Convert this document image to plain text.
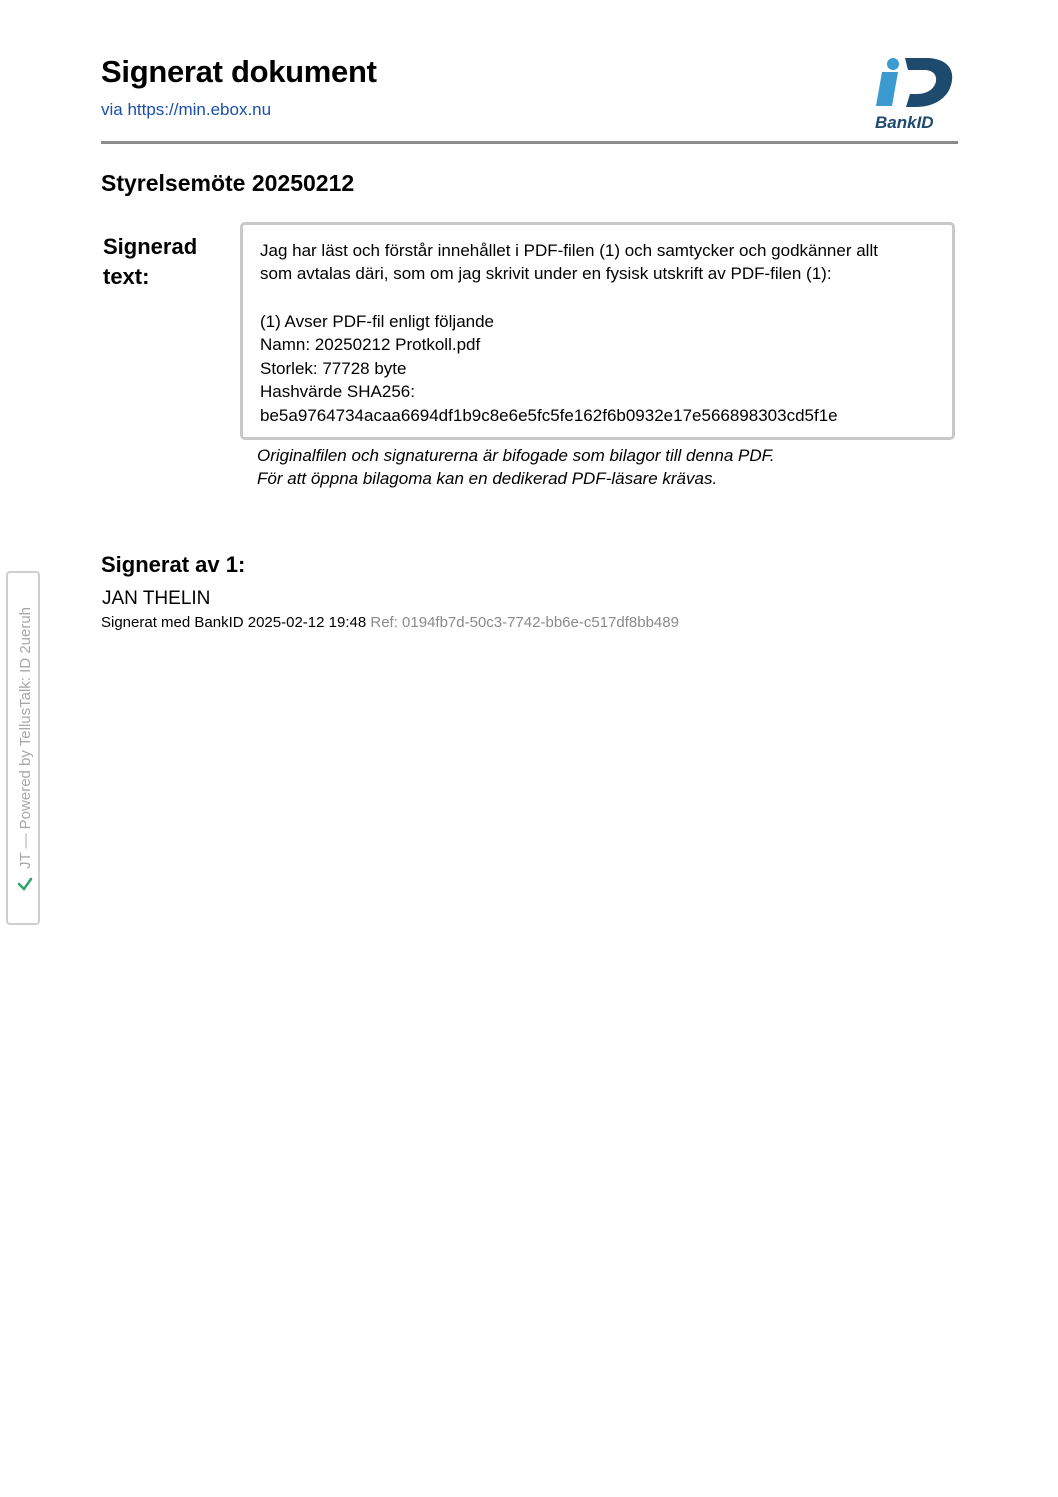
Signerat dokument
via https://min.ebox.nu
BankID
Styrelsemöte 20250212
Signerad text:
Jag har läst och förstår innehållet i PDF-filen (1) och samtycker och godkänner allt
som avtalas däri, som om jag skrivit under en fysisk utskrift av PDF-filen (1):
(1) Avser PDF-fil enligt följande
Namn: 20250212 Protkoll.pdf
Storlek: 77728 byte
Hashvärde SHA256:
be5a9764734acaa6694df1b9c8e6e5fc5fe162f6b0932e17e566898303cd5f1e
Originalfilen och signaturerna är bifogade som bilagor till denna PDF.
För att öppna bilagoma kan en dedikerad PDF-läsare krävas.
Signerat av 1:
JAN THELIN
Signerat med BankID 2025-02-12 19:48 Ref: 0194fb7d-50c3-7742-bb6e-c517df8bb489
JT — Powered by TellusTalk: ID 2ueruh
